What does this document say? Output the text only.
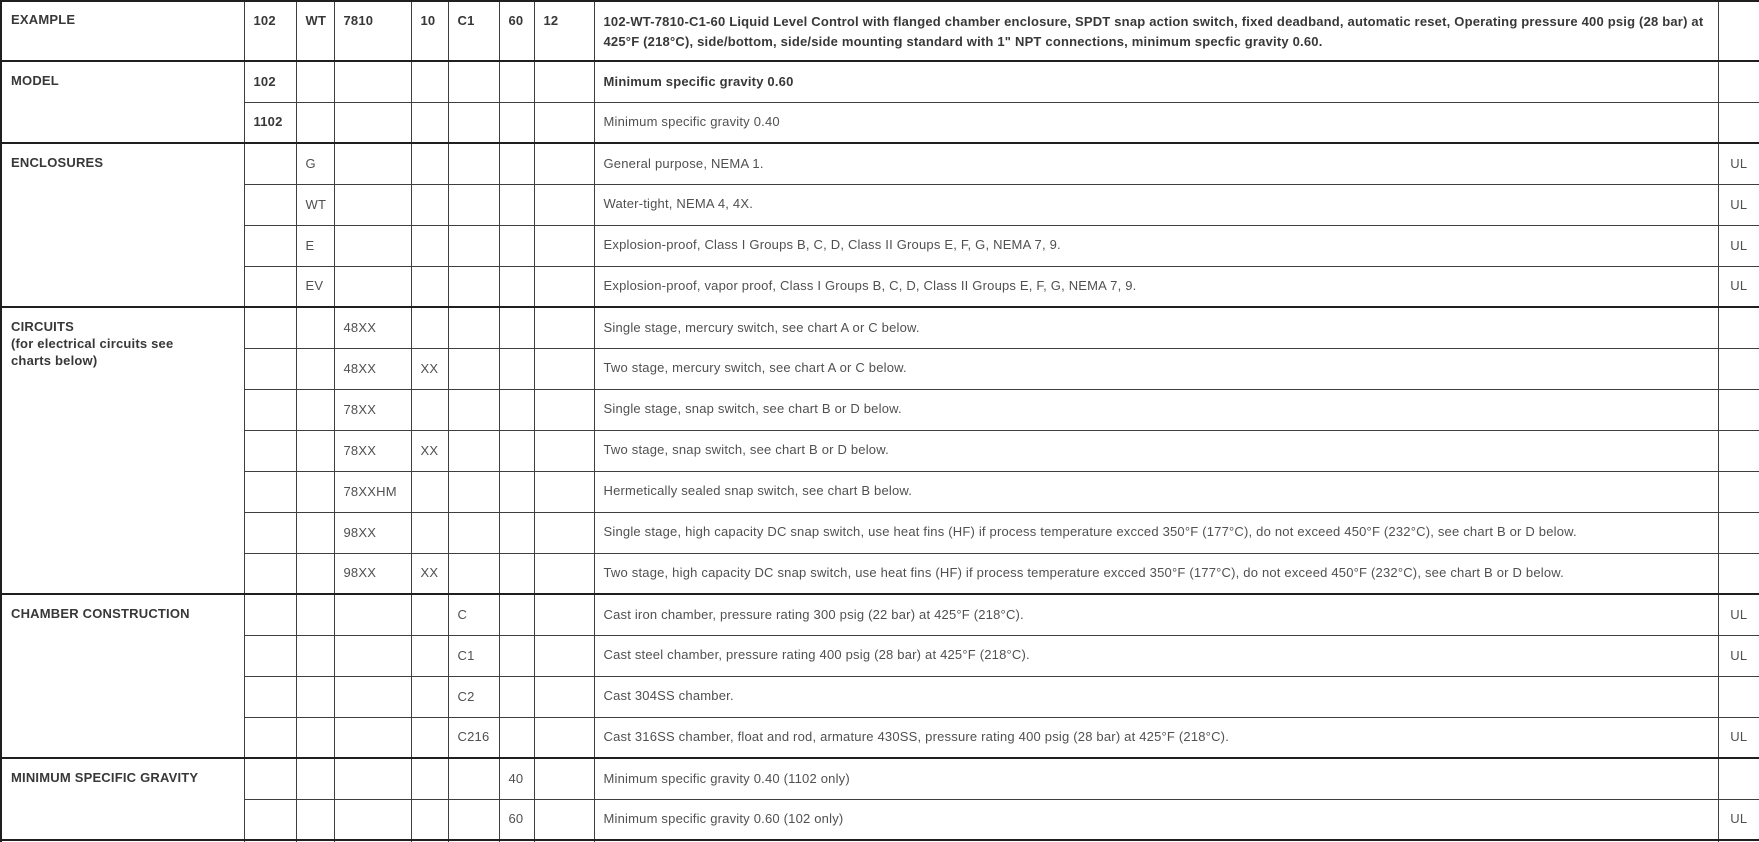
EXAMPLE	102	WT	7810	10	C1	60	12	102-WT-7810-C1-60 Liquid Level Control with flanged chamber enclosure, SPDT snap action switch, fixed deadband, automatic reset, Operating pressure 400 psig (28 bar) at 425°F (218°C), side/bottom, side/side mounting standard with 1" NPT connections, minimum specfic gravity 0.60.	

MODEL	102							Minimum specific gravity 0.60	
	1102							Minimum specific gravity 0.40	

ENCLOSURES		G						General purpose, NEMA 1.	UL
		WT						Water-tight, NEMA 4, 4X.	UL
		E						Explosion-proof, Class I Groups B, C, D, Class II Groups E, F, G, NEMA 7, 9.	UL
		EV						Explosion-proof, vapor proof, Class I Groups B, C, D, Class II Groups E, F, G, NEMA 7, 9.	UL

CIRCUITS
(for electrical circuits see charts below)			48XX					Single stage, mercury switch, see chart A or C below.	
			48XX	XX				Two stage, mercury switch, see chart A or C below.	
			78XX					Single stage, snap switch, see chart B or D below.	
			78XX	XX				Two stage, snap switch, see chart B or D below.	
			78XXHM					Hermetically sealed snap switch, see chart B below.	
			98XX					Single stage, high capacity DC snap switch, use heat fins (HF) if process temperature excced 350°F (177°C), do not exceed 450°F (232°C), see chart B or D below.	
			98XX	XX				Two stage, high capacity DC snap switch, use heat fins (HF) if process temperature excced 350°F (177°C), do not exceed 450°F (232°C), see chart B or D below.	

CHAMBER CONSTRUCTION					C			Cast iron chamber, pressure rating 300 psig (22 bar) at 425°F (218°C).	UL
					C1			Cast steel chamber, pressure rating 400 psig (28 bar) at 425°F (218°C).	UL
					C2			Cast 304SS chamber.	
					C216			Cast 316SS chamber, float and rod, armature 430SS, pressure rating 400 psig (28 bar) at 425°F (218°C).	UL

MINIMUM SPECIFIC GRAVITY						40		Minimum specific gravity 0.40 (1102 only)	
						60		Minimum specific gravity 0.60 (102 only)	UL
